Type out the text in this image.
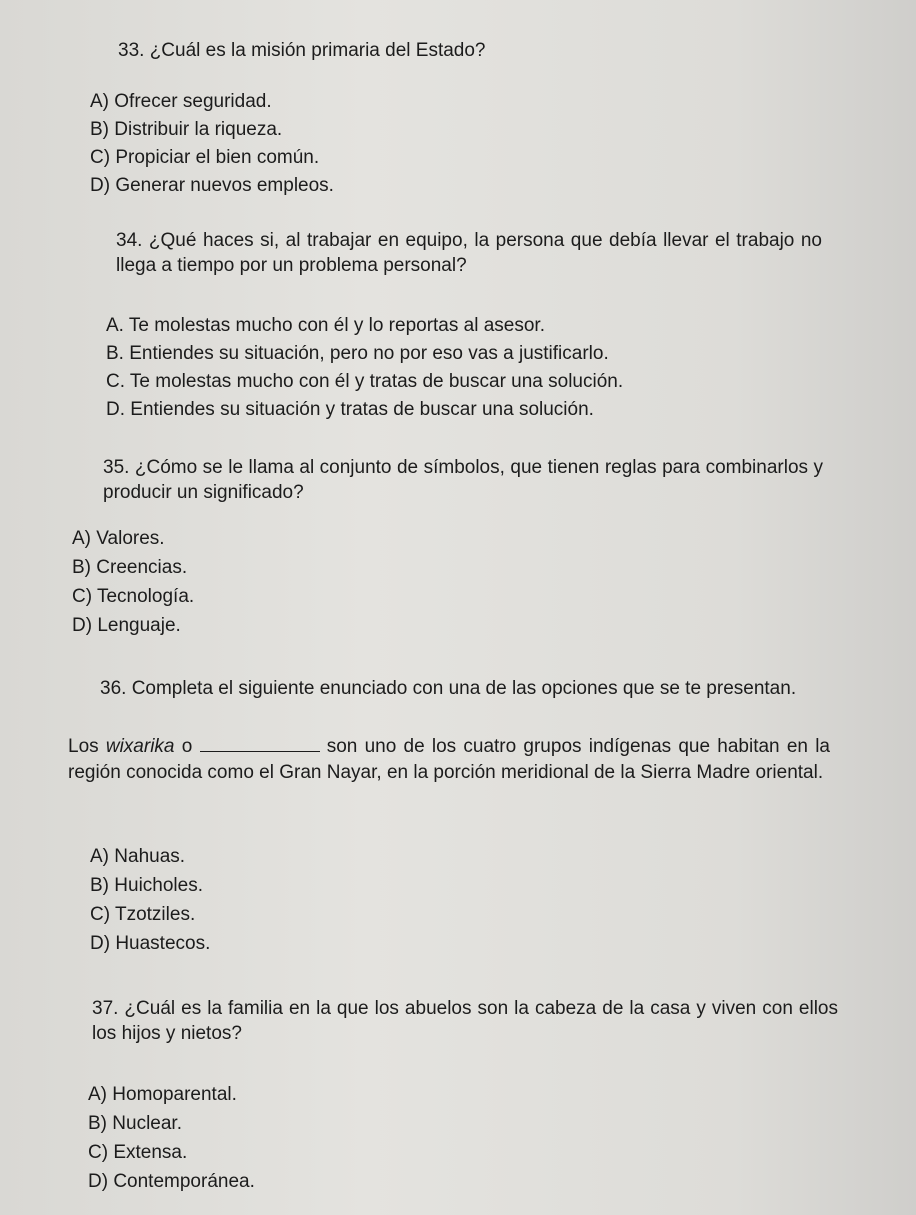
33. ¿Cuál es la misión primaria del Estado?
A) Ofrecer seguridad.
B) Distribuir la riqueza.
C) Propiciar el bien común.
D) Generar nuevos empleos.
34. ¿Qué haces si, al trabajar en equipo, la persona que debía llevar el trabajo no llega a tiempo por un problema personal?
A. Te molestas mucho con él y lo reportas al asesor.
B. Entiendes su situación, pero no por eso vas a justificarlo.
C. Te molestas mucho con él y tratas de buscar una solución.
D. Entiendes su situación y tratas de buscar una solución.
35. ¿Cómo se le llama al conjunto de símbolos, que tienen reglas para combinarlos y producir un significado?
A) Valores.
B) Creencias.
C) Tecnología.
D) Lenguaje.
36. Completa el siguiente enunciado con una de las opciones que se te presentan.
Los wixarika o	son uno de los cuatro grupos indígenas que habitan en la región conocida como el Gran Nayar, en la porción meridional de la Sierra Madre oriental.
A) Nahuas.
B) Huicholes.
C) Tzotziles.
D) Huastecos.
37. ¿Cuál es la familia en la que los abuelos son la cabeza de la casa y viven con ellos los hijos y nietos?
A) Homoparental.
B) Nuclear.
C) Extensa.
D) Contemporánea.
